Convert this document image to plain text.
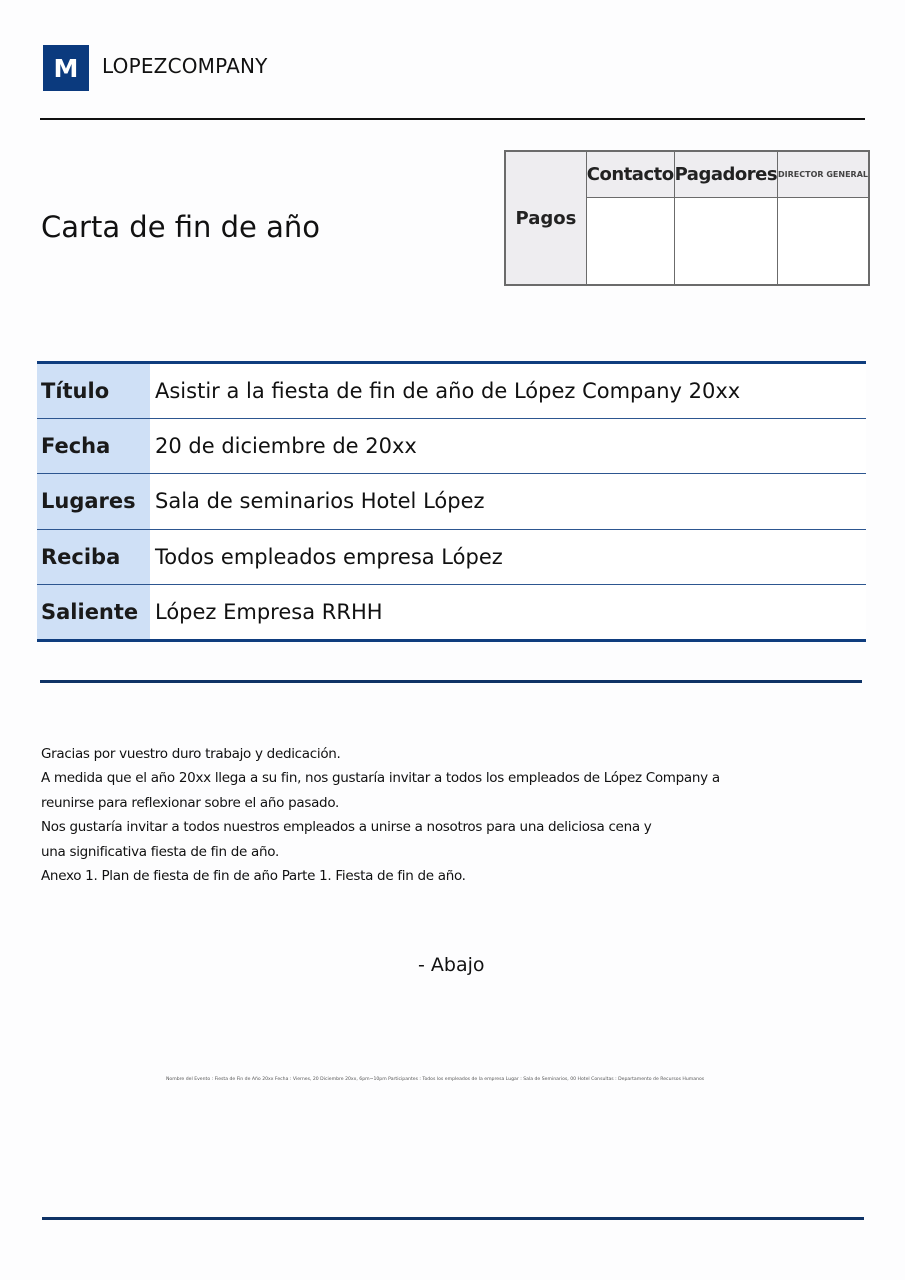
M LOPEZCOMPANY
Carta de fin de año	Pagos	Contacto	Pagadores	DIRECTOR GENERAL

Título	Asistir a la fiesta de fin de año de López Company 20xx
Fecha	20 de diciembre de 20xx
Lugares	Sala de seminarios Hotel López
Reciba	Todos empleados empresa López
Saliente	López Empresa RRHH

Gracias por vuestro duro trabajo y dedicación.

A medida que el año 20xx llega a su fin, nos gustaría invitar a todos los empleados de López Company a

reunirse para reflexionar sobre el año pasado.

Nos gustaría invitar a todos nuestros empleados a unirse a nosotros para una deliciosa cena y

una significativa fiesta de fin de año.

Anexo 1. Plan de fiesta de fin de año Parte 1. Fiesta de fin de año.

- Abajo
Nombre del Evento : Fiesta de Fin de Año 20xx Fecha : Viernes, 20 Diciembre 20xx, 6pm~10pm Participantes : Todos los empleados de la empresa Lugar : Sala de Seminarios, 00 Hotel Consultas : Departamento de Recursos Humanos
